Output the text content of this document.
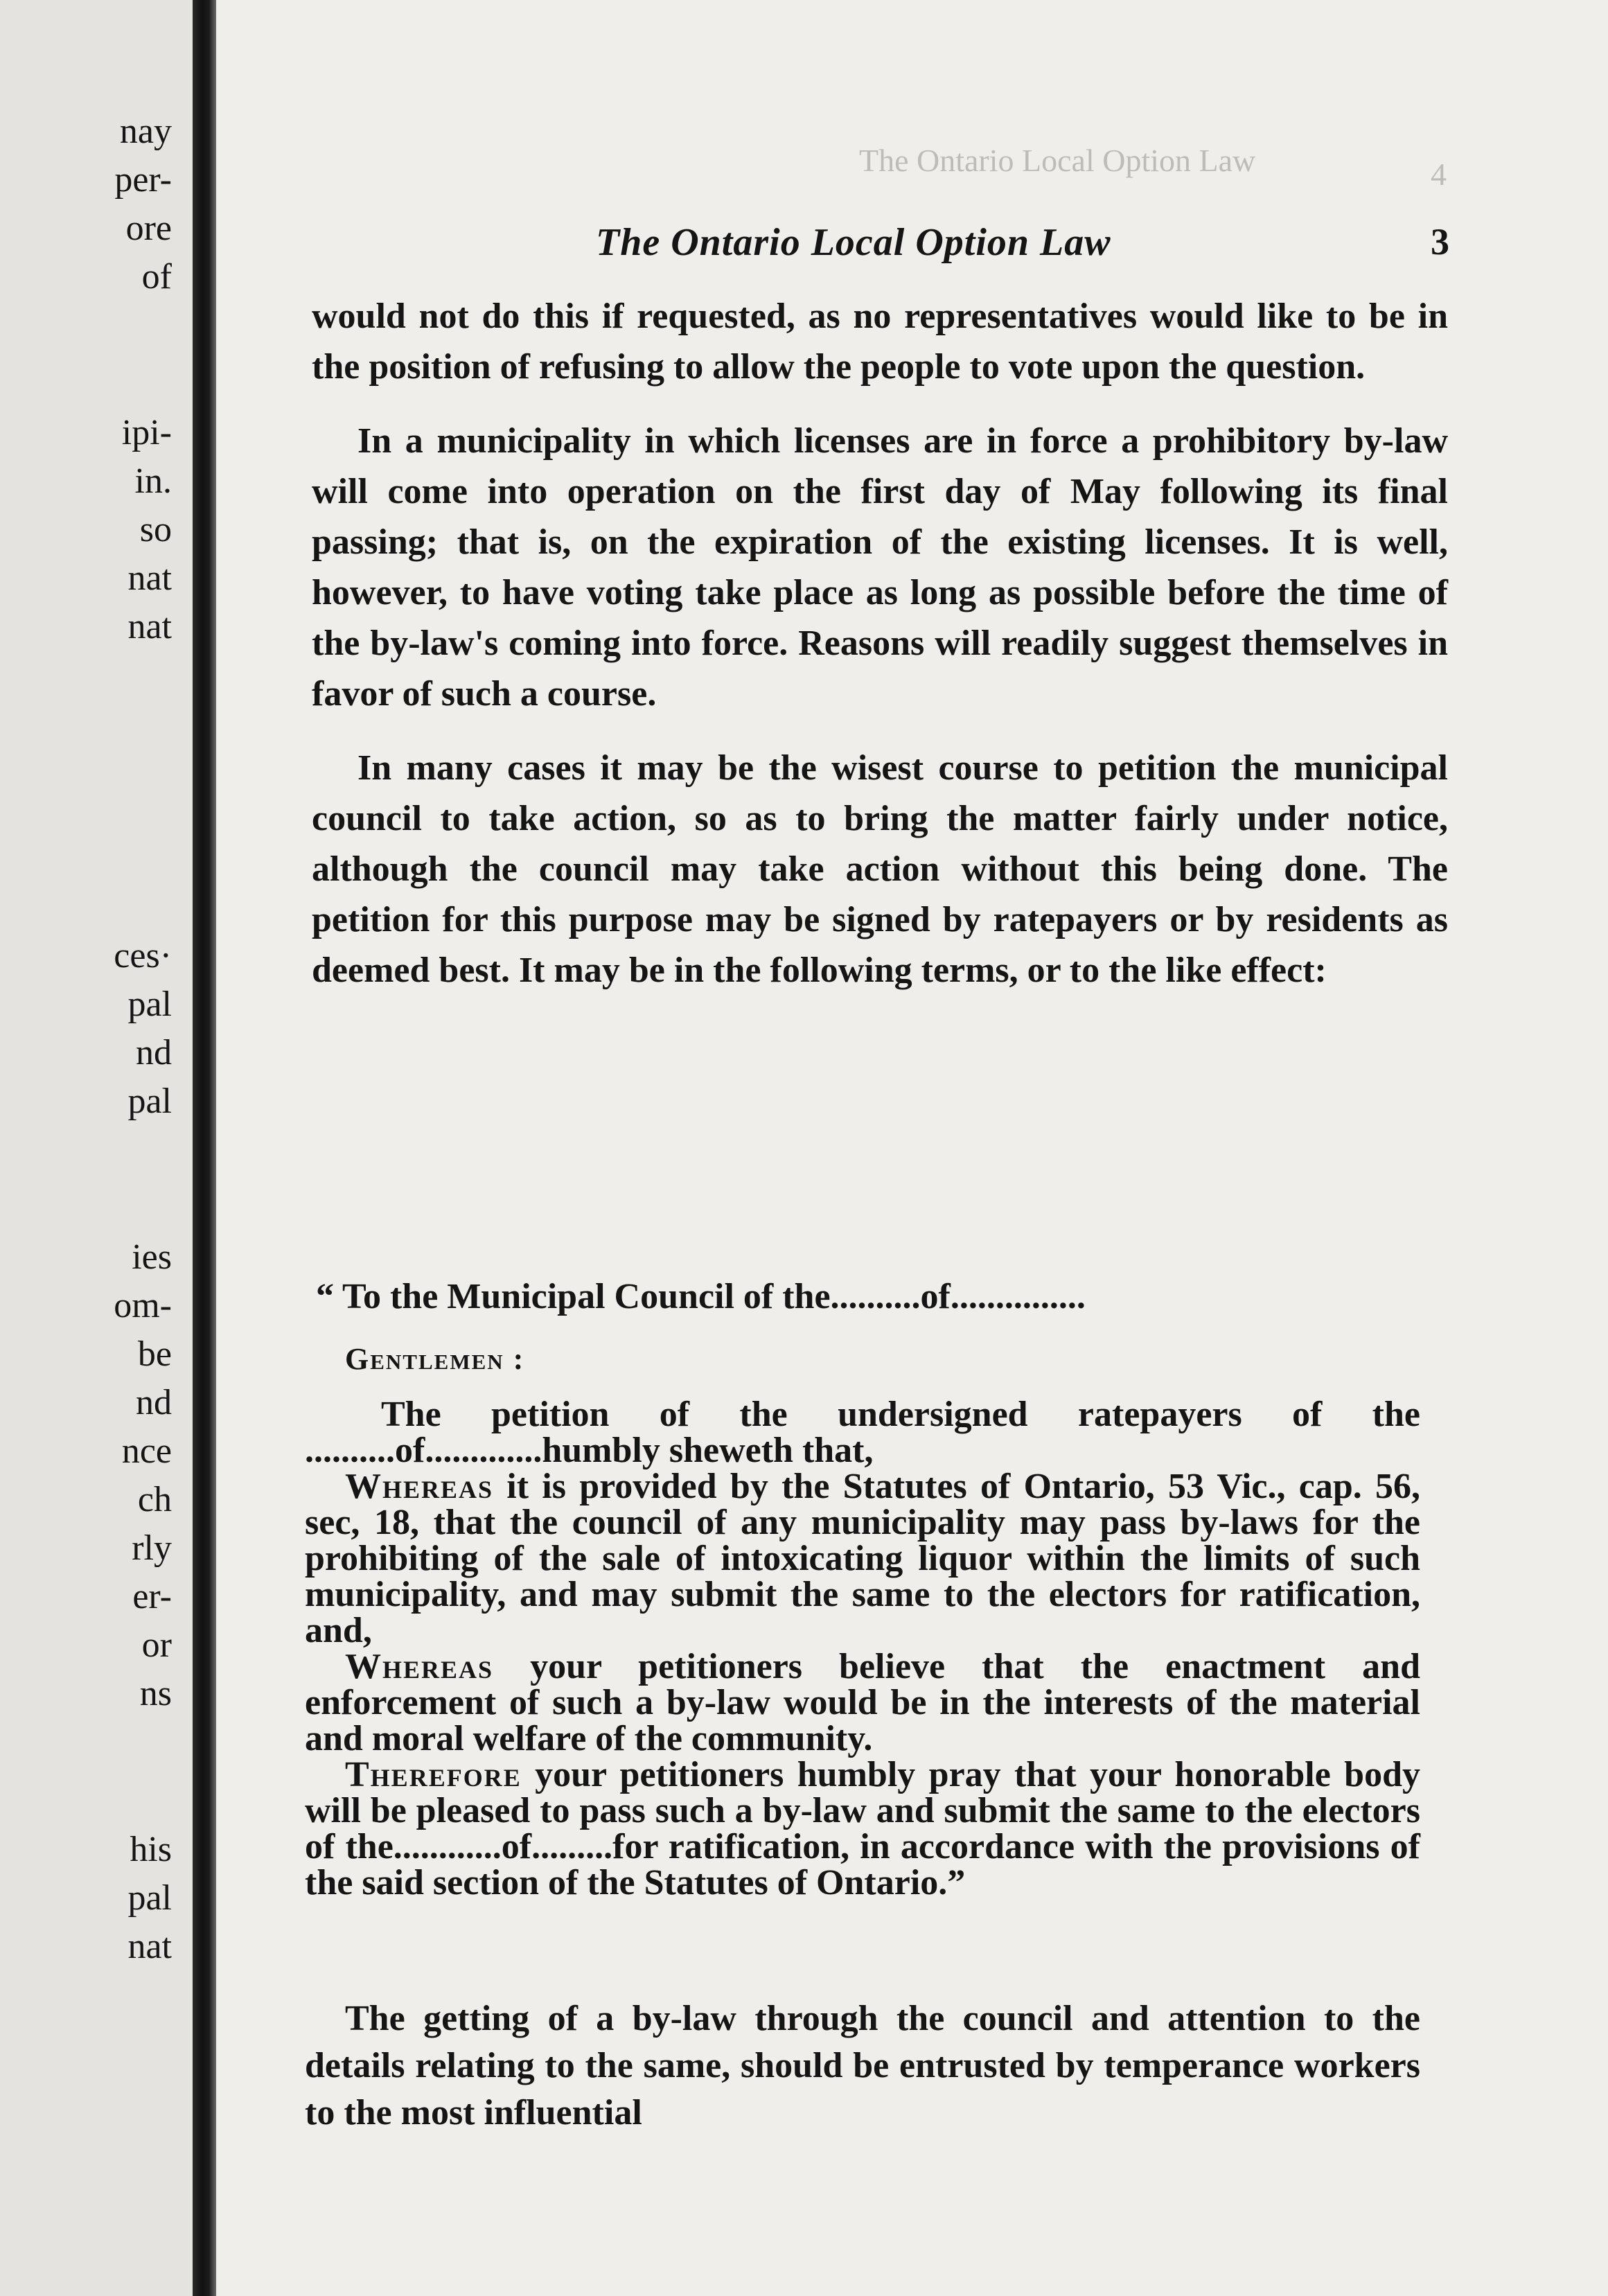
nay
per-
ore
of
ipi-
in.
so
nat
nat
ces·
pal
nd
pal
ies
om-
be
nd
nce
ch
rly
er-
or
ns
his
pal
nat
The Ontario Local Option Law	4
The Ontario Local Option Law	3

would not do this if requested, as no representatives would like to be in the position of refusing to allow the people to vote upon the question.

In a municipality in which licenses are in force a prohibitory by-law will come into operation on the first day of May following its final passing; that is, on the expiration of the existing licenses. It is well, however, to have voting take place as long as possible before the time of the by-law's coming into force. Reasons will readily suggest themselves in favor of such a course.

In many cases it may be the wisest course to petition the municipal council to take action, so as to bring the matter fairly under notice, although the council may take action without this being done. The petition for this purpose may be signed by ratepayers or by residents as deemed best. It may be in the following terms, or to the like effect:

“ To the Municipal Council of the..........of...............
Gentlemen :

The petition of the undersigned ratepayers of the ..........of.............humbly sheweth that,

Whereas it is provided by the Statutes of Ontario, 53 Vic., cap. 56, sec, 18, that the council of any municipality may pass by-laws for the prohibiting of the sale of intoxicating liquor within the limits of such municipality, and may submit the same to the electors for ratification, and,

Whereas your petitioners believe that the enactment and enforcement of such a by-law would be in the interests of the material and moral welfare of the community.

Therefore your petitioners humbly pray that your honorable body will be pleased to pass such a by-law and submit the same to the electors of the............of.........for ratification, in accordance with the provisions of the said section of the Statutes of Ontario.”

The getting of a by-law through the council and attention to the details relating to the same, should be entrusted by temperance workers to the most influential
